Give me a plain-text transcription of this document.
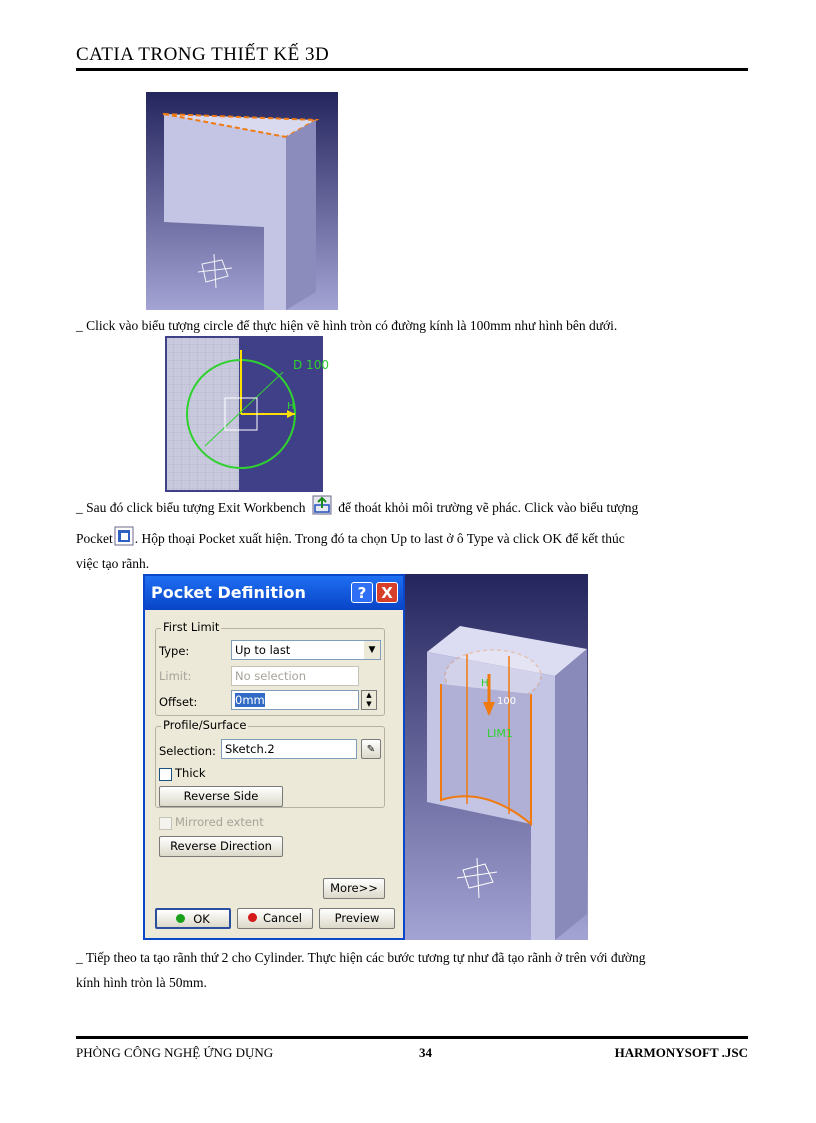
CATIA TRONG THIẾT KẾ 3D
_ Click vào biểu tượng circle để thực hiện vẽ hình tròn có đường kính là 100mm như hình bên dưới.
D 100
H
_ Sau đó click biểu tượng Exit Workbench để thoát khỏi môi trường vẽ phác. Click vào biểu tượng
Pocket . Hộp thoại Pocket xuất hiện. Trong đó ta chọn Up to last ở ô Type và click OK để kết thúc
việc tạo rãnh.
100
H
LIM1
Pocket Definition	? X
First Limit
Type:	Up to last	▼
Limit:	No selection
Offset:	0mm	▲
▼
Profile/Surface
Selection: Sketch.2	✎
Thick
Reverse Side
Mirrored extent
Reverse Direction
More>>
OK	Cancel	Preview
_ Tiếp theo ta tạo rãnh thứ 2 cho Cylinder. Thực hiện các bước tương tự như đã tạo rãnh ở trên với đường
kính hình tròn là 50mm.
PHÒNG CÔNG NGHỆ ỨNG DỤNG	34	HARMONYSOFT .JSC
